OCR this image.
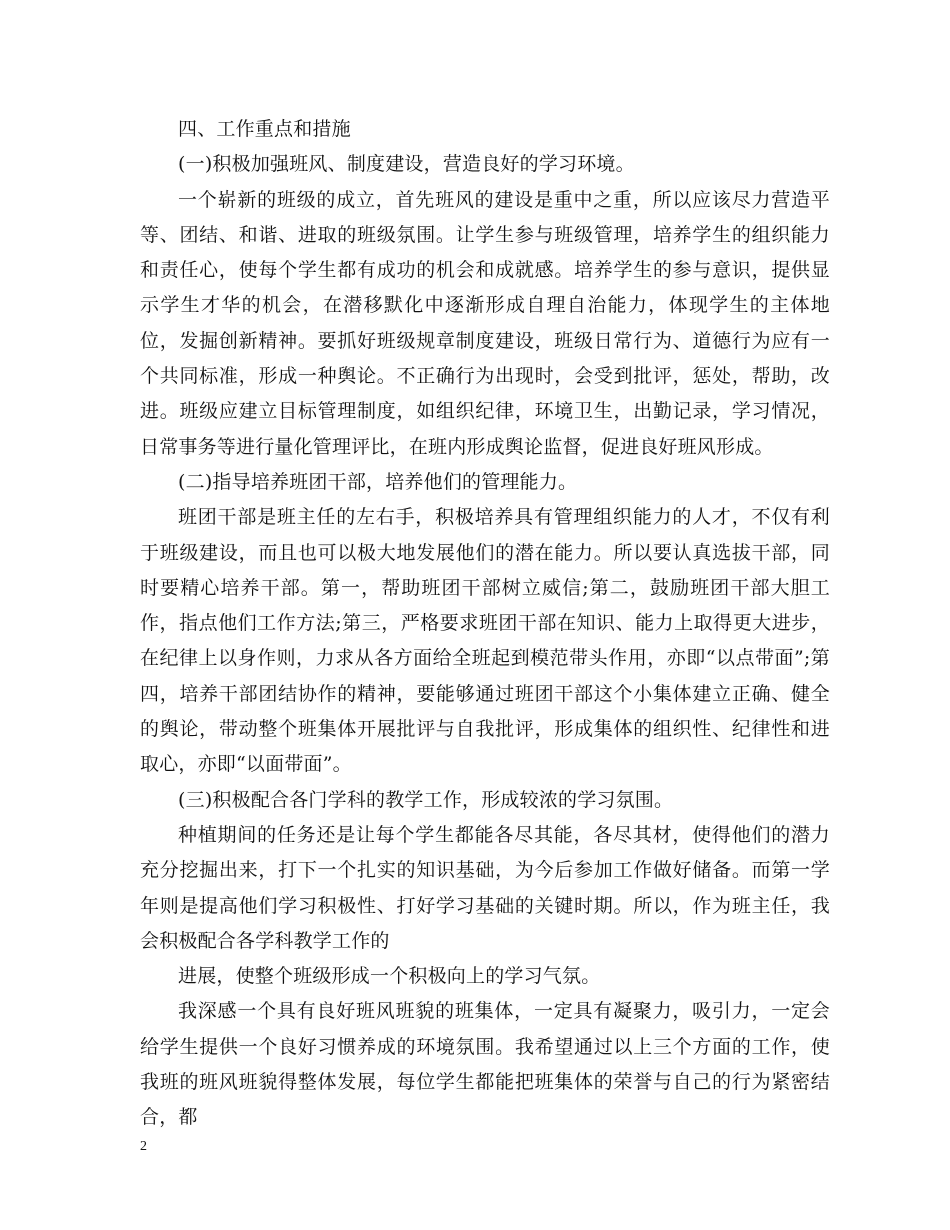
四、工作重点和措施

(一)积极加强班风、制度建设，营造良好的学习环境。

一个崭新的班级的成立，首先班风的建设是重中之重，所以应该尽力营造平等、团结、和谐、进取的班级氛围。让学生参与班级管理，培养学生的组织能力和责任心，使每个学生都有成功的机会和成就感。培养学生的参与意识，提供显示学生才华的机会，在潜移默化中逐渐形成自理自治能力，体现学生的主体地位，发掘创新精神。要抓好班级规章制度建设，班级日常行为、道德行为应有一个共同标准，形成一种舆论。不正确行为出现时，会受到批评，惩处，帮助，改进。班级应建立目标管理制度，如组织纪律，环境卫生，出勤记录，学习情况，日常事务等进行量化管理评比，在班内形成舆论监督，促进良好班风形成。

(二)指导培养班团干部，培养他们的管理能力。

班团干部是班主任的左右手，积极培养具有管理组织能力的人才，不仅有利于班级建设，而且也可以极大地发展他们的潜在能力。所以要认真选拔干部，同时要精心培养干部。第一，帮助班团干部树立威信;第二，鼓励班团干部大胆工作，指点他们工作方法;第三，严格要求班团干部在知识、能力上取得更大进步，在纪律上以身作则，力求从各方面给全班起到模范带头作用，亦即“以点带面”;第四，培养干部团结协作的精神，要能够通过班团干部这个小集体建立正确、健全的舆论，带动整个班集体开展批评与自我批评，形成集体的组织性、纪律性和进取心，亦即“以面带面”。

(三)积极配合各门学科的教学工作，形成较浓的学习氛围。

种植期间的任务还是让每个学生都能各尽其能，各尽其材，使得他们的潜力充分挖掘出来，打下一个扎实的知识基础，为今后参加工作做好储备。而第一学年则是提高他们学习积极性、打好学习基础的关键时期。所以，作为班主任，我会积极配合各学科教学工作的

进展，使整个班级形成一个积极向上的学习气氛。

我深感一个具有良好班风班貌的班集体，一定具有凝聚力，吸引力，一定会给学生提供一个良好习惯养成的环境氛围。我希望通过以上三个方面的工作，使我班的班风班貌得整体发展，每位学生都能把班集体的荣誉与自己的行为紧密结合，都

2
